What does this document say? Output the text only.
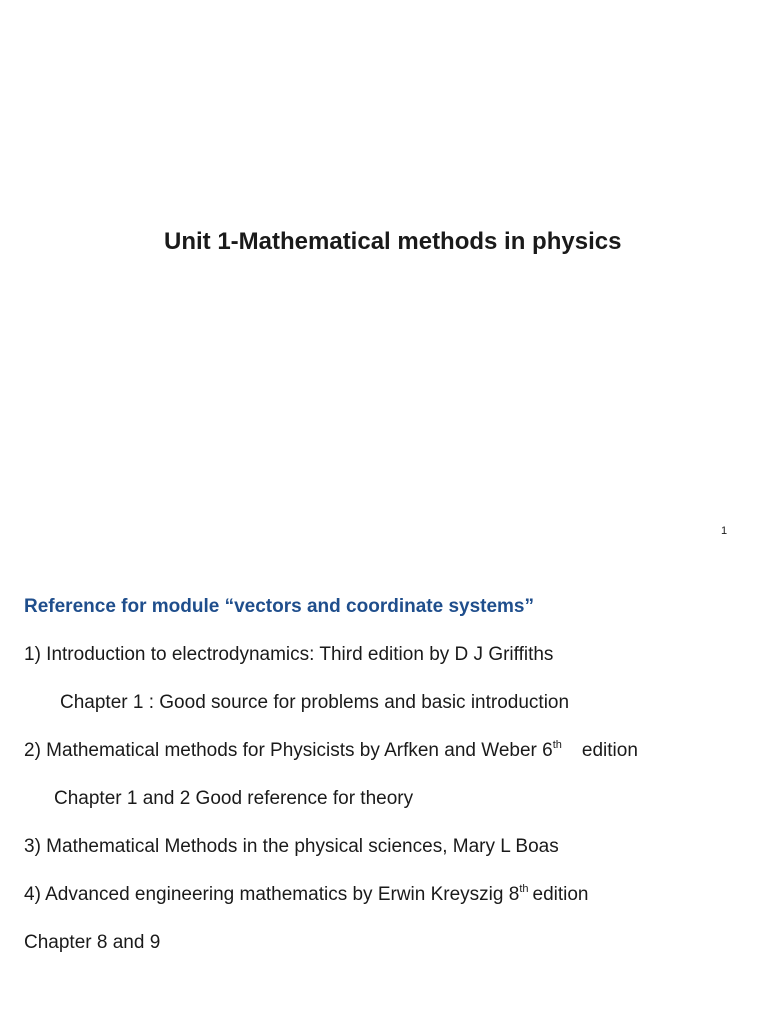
Unit 1-Mathematical methods in physics
1
Reference for module “vectors and coordinate systems”
1) Introduction to electrodynamics: Third edition by D J Griffiths
Chapter 1 : Good source for problems and basic introduction
2) Mathematical methods for Physicists by Arfken and Weber 6th edition
Chapter 1 and 2 Good reference for theory
3) Mathematical Methods in the physical sciences, Mary L Boas
4) Advanced engineering mathematics by Erwin Kreyszig 8th edition
Chapter 8 and 9
